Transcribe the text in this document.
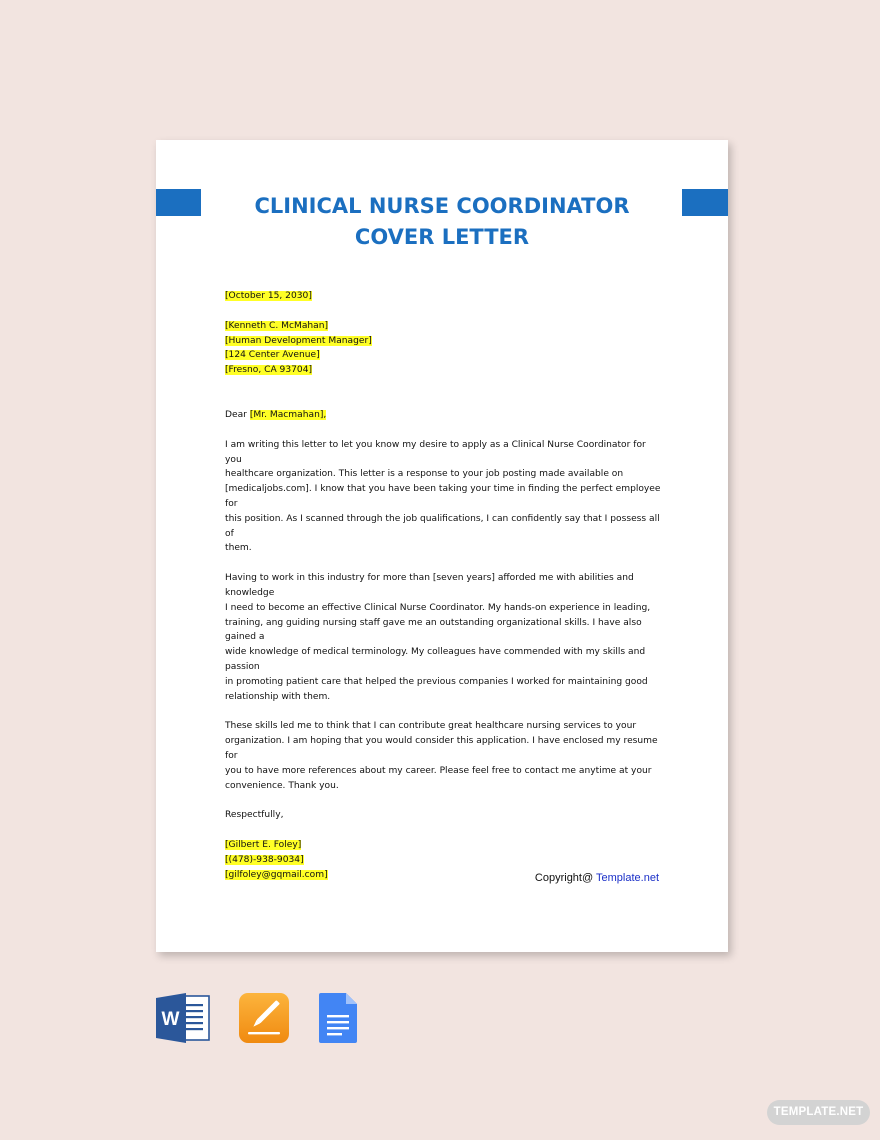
CLINICAL NURSE COORDINATOR
COVER LETTER

[October 15, 2030]

[Kenneth C. McMahan]
[Human Development Manager]
[124 Center Avenue]
[Fresno, CA 93704]

Dear [Mr. Macmahan],

I am writing this letter to let you know my desire to apply as a Clinical Nurse Coordinator for you
healthcare organization. This letter is a response to your job posting made available on
[medicaljobs.com]. I know that you have been taking your time in finding the perfect employee for
this position. As I scanned through the job qualifications, I can confidently say that I possess all of
them.
Having to work in this industry for more than [seven years] afforded me with abilities and knowledge
I need to become an effective Clinical Nurse Coordinator. My hands-on experience in leading,
training, ang guiding nursing staff gave me an outstanding organizational skills. I have also gained a
wide knowledge of medical terminology. My colleagues have commended with my skills and passion
in promoting patient care that helped the previous companies I worked for maintaining good
relationship with them.
These skills led me to think that I can contribute great healthcare nursing services to your
organization. I am hoping that you would consider this application. I have enclosed my resume for
you to have more references about my career. Please feel free to contact me anytime at your
convenience. Thank you.

Respectfully,

[Gilbert E. Foley]
[(478)-938-9034]
[gilfoley@gqmail.com]	Copyright@ Template.net
W
TEMPLATE.NET
